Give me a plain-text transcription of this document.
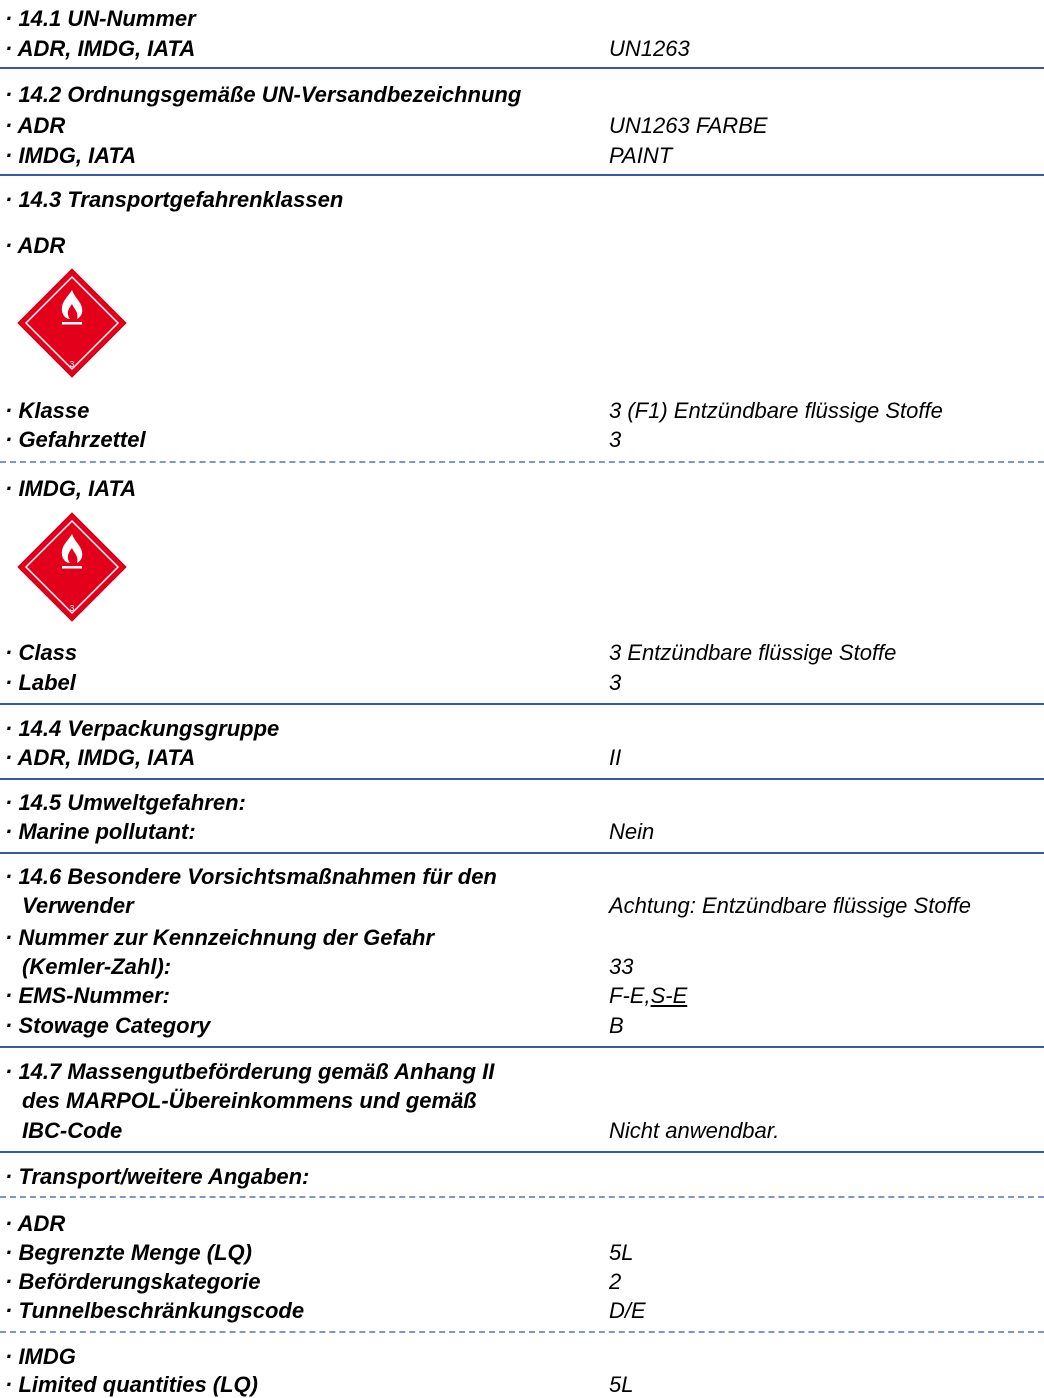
· 14.1 UN-Nummer
· ADR, IMDG, IATA	UN1263
· 14.2 Ordnungsgemäße UN-Versandbezeichnung
· ADR	UN1263 FARBE
· IMDG, IATA	PAINT
· 14.3 Transportgefahrenklassen
· ADR
3
· Klasse	3 (F1) Entzündbare flüssige Stoffe
· Gefahrzettel	3
· IMDG, IATA
3
· Class	3 Entzündbare flüssige Stoffe
· Label	3
· 14.4 Verpackungsgruppe
· ADR, IMDG, IATA	II
· 14.5 Umweltgefahren:
· Marine pollutant:	Nein
· 14.6 Besondere Vorsichtsmaßnahmen für den
Verwender	Achtung: Entzündbare flüssige Stoffe
· Nummer zur Kennzeichnung der Gefahr
(Kemler-Zahl):	33
· EMS-Nummer:	F-E,S-E
· Stowage Category	B
· 14.7 Massengutbeförderung gemäß Anhang II
des MARPOL-Übereinkommens und gemäß
IBC-Code	Nicht anwendbar.
· Transport/weitere Angaben:
· ADR
· Begrenzte Menge (LQ)	5L
· Beförderungskategorie	2
· Tunnelbeschränkungscode	D/E
· IMDG
· Limited quantities (LQ)	5L
